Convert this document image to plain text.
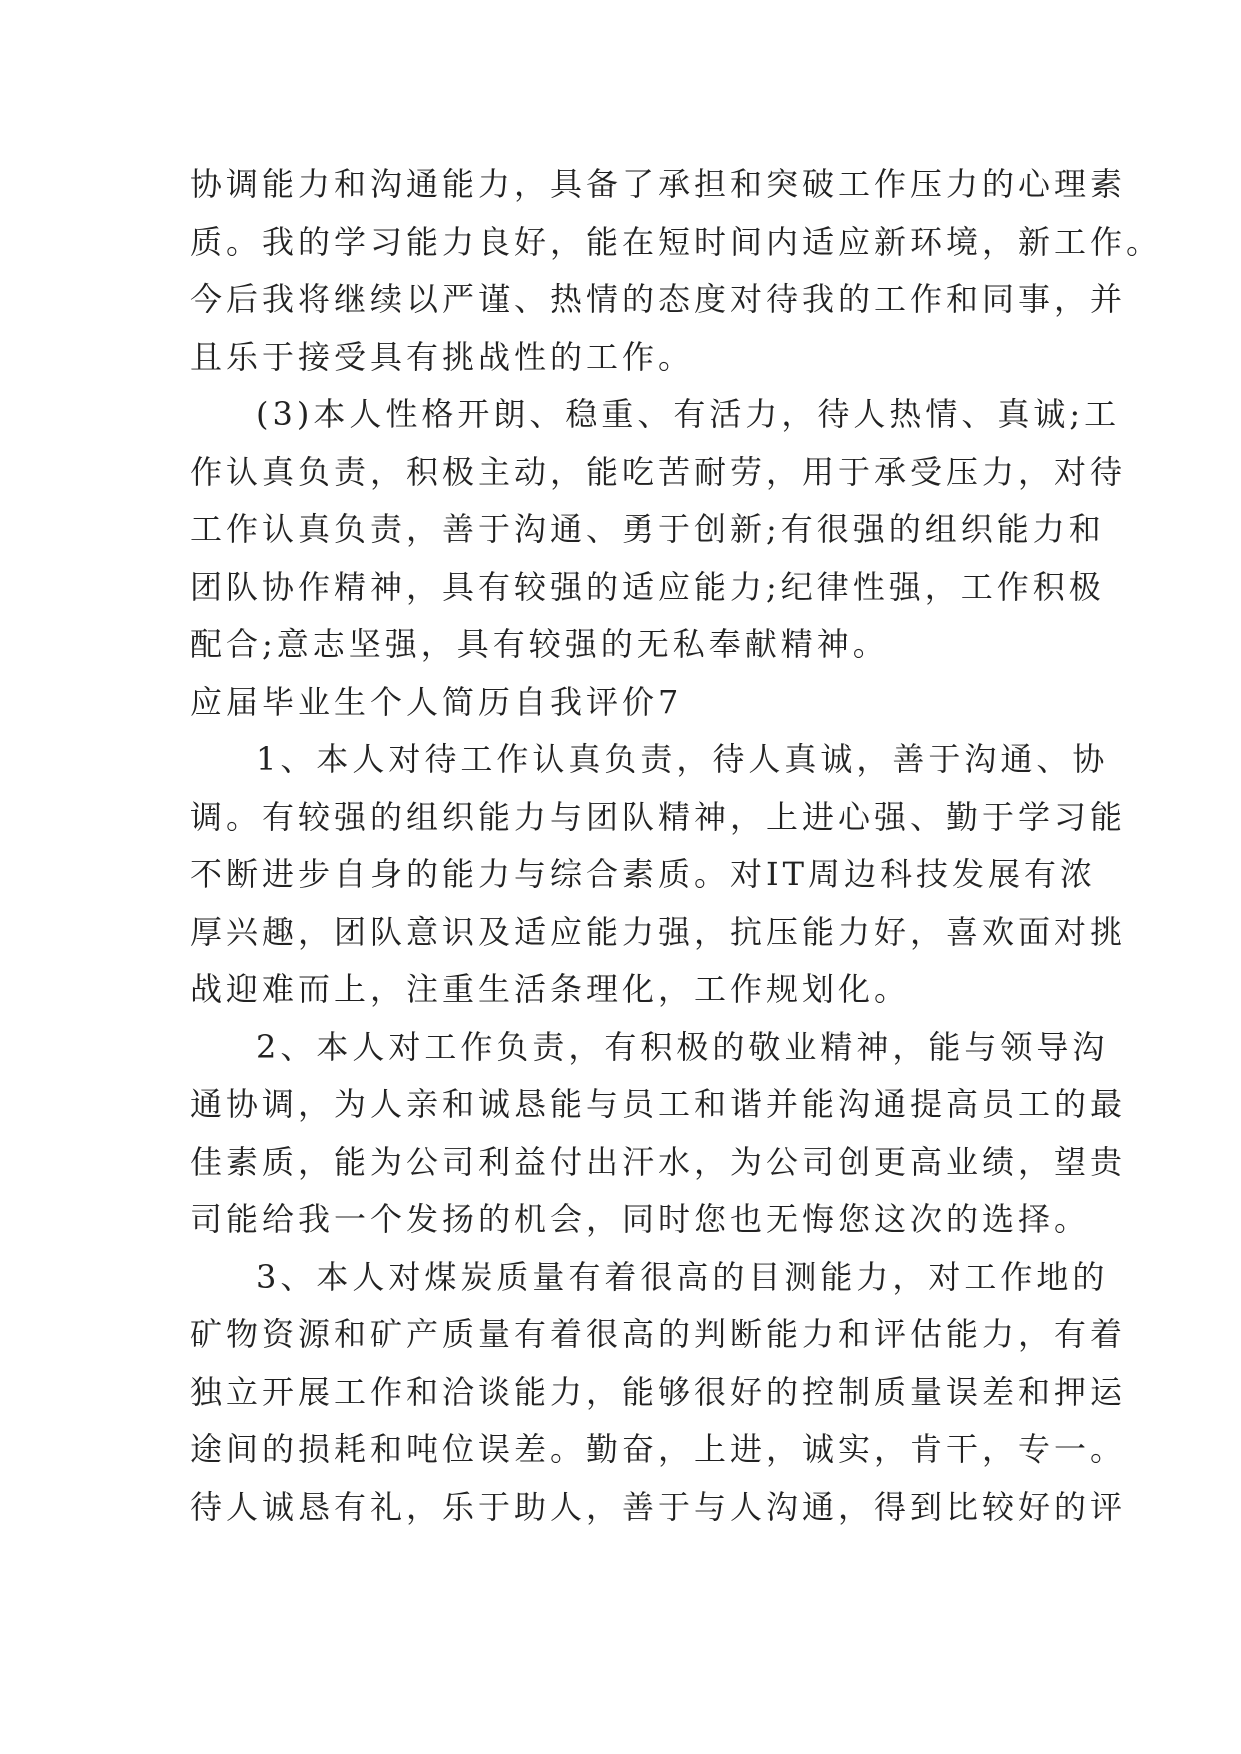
协调能力和沟通能力，具备了承担和突破工作压力的心理素
质。我的学习能力良好，能在短时间内适应新环境，新工作。
今后我将继续以严谨、热情的态度对待我的工作和同事，并
且乐于接受具有挑战性的工作。
(3)本人性格开朗、稳重、有活力，待人热情、真诚;工
作认真负责，积极主动，能吃苦耐劳，用于承受压力，对待
工作认真负责，善于沟通、勇于创新;有很强的组织能力和
团队协作精神，具有较强的适应能力;纪律性强，工作积极
配合;意志坚强，具有较强的无私奉献精神。
应届毕业生个人简历自我评价7
1、本人对待工作认真负责，待人真诚，善于沟通、协
调。有较强的组织能力与团队精神，上进心强、勤于学习能
不断进步自身的能力与综合素质。对IT周边科技发展有浓
厚兴趣，团队意识及适应能力强，抗压能力好，喜欢面对挑
战迎难而上，注重生活条理化，工作规划化。
2、本人对工作负责，有积极的敬业精神，能与领导沟
通协调，为人亲和诚恳能与员工和谐并能沟通提高员工的最
佳素质，能为公司利益付出汗水，为公司创更高业绩，望贵
司能给我一个发扬的机会，同时您也无悔您这次的选择。
3、本人对煤炭质量有着很高的目测能力，对工作地的
矿物资源和矿产质量有着很高的判断能力和评估能力，有着
独立开展工作和洽谈能力，能够很好的控制质量误差和押运
途间的损耗和吨位误差。勤奋，上进，诚实，肯干，专一。
待人诚恳有礼，乐于助人，善于与人沟通，得到比较好的评
